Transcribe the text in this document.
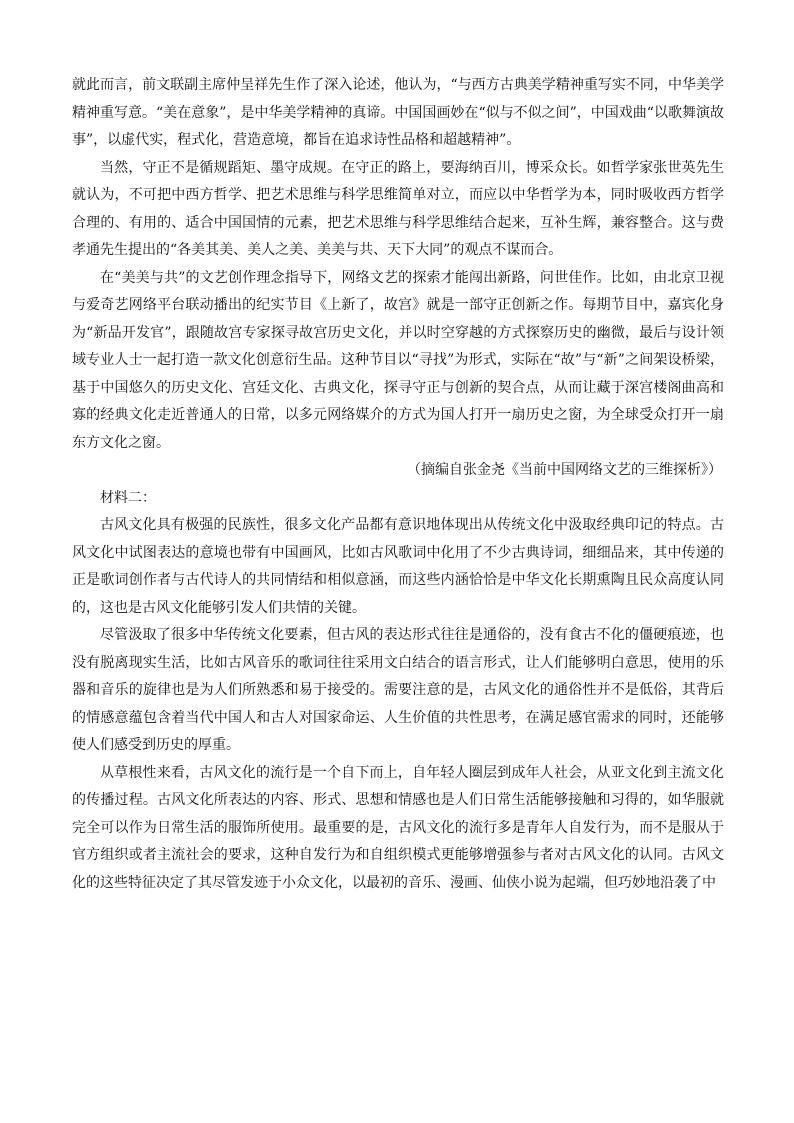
就此而言，前文联副主席仲呈祥先生作了深入论述，他认为，“与西方古典美学精神重写实不同，中华美学精神重写意。“美在意象”，是中华美学精神的真谛。中国国画妙在“似与不似之间”，中国戏曲“以歌舞演故事”，以虚代实，程式化，营造意境，都旨在追求诗性品格和超越精神”。

当然，守正不是循规蹈矩、墨守成规。在守正的路上，要海纳百川，博采众长。如哲学家张世英先生就认为，不可把中西方哲学、把艺术思维与科学思维简单对立，而应以中华哲学为本，同时吸收西方哲学合理的、有用的、适合中国国情的元素，把艺术思维与科学思维结合起来，互补生辉，兼容整合。这与费孝通先生提出的“各美其美、美人之美、美美与共、天下大同”的观点不谋而合。

在“美美与共”的文艺创作理念指导下，网络文艺的探索才能闯出新路，问世佳作。比如，由北京卫视与爱奇艺网络平台联动播出的纪实节目《上新了，故宫》就是一部守正创新之作。每期节目中，嘉宾化身为“新品开发官”，跟随故宫专家探寻故宫历史文化，并以时空穿越的方式探察历史的幽微，最后与设计领域专业人士一起打造一款文化创意衍生品。这种节目以“寻找”为形式，实际在“故”与“新”之间架设桥梁，基于中国悠久的历史文化、宫廷文化、古典文化，探寻守正与创新的契合点，从而让藏于深宫楼阁曲高和寡的经典文化走近普通人的日常，以多元网络媒介的方式为国人打开一扇历史之窗，为全球受众打开一扇东方文化之窗。

（摘编自张金尧《当前中国网络文艺的三维探析》）

材料二：

古风文化具有极强的民族性，很多文化产品都有意识地体现出从传统文化中汲取经典印记的特点。古风文化中试图表达的意境也带有中国画风，比如古风歌词中化用了不少古典诗词，细细品来，其中传递的正是歌词创作者与古代诗人的共同情结和相似意涵，而这些内涵恰恰是中华文化长期熏陶且民众高度认同的，这也是古风文化能够引发人们共情的关键。

尽管汲取了很多中华传统文化要素，但古风的表达形式往往是通俗的，没有食古不化的僵硬痕迹，也没有脱离现实生活，比如古风音乐的歌词往往采用文白结合的语言形式，让人们能够明白意思，使用的乐器和音乐的旋律也是为人们所熟悉和易于接受的。需要注意的是，古风文化的通俗性并不是低俗，其背后的情感意蕴包含着当代中国人和古人对国家命运、人生价值的共性思考，在满足感官需求的同时，还能够使人们感受到历史的厚重。

从草根性来看，古风文化的流行是一个自下而上，自年轻人圈层到成年人社会，从亚文化到主流文化的传播过程。古风文化所表达的内容、形式、思想和情感也是人们日常生活能够接触和习得的，如华服就完全可以作为日常生活的服饰所使用。最重要的是，古风文化的流行多是青年人自发行为，而不是服从于官方组织或者主流社会的要求，这种自发行为和自组织模式更能够增强参与者对古风文化的认同。古风文化的这些特征决定了其尽管发迹于小众文化，以最初的音乐、漫画、仙侠小说为起端，但巧妙地沿袭了中
